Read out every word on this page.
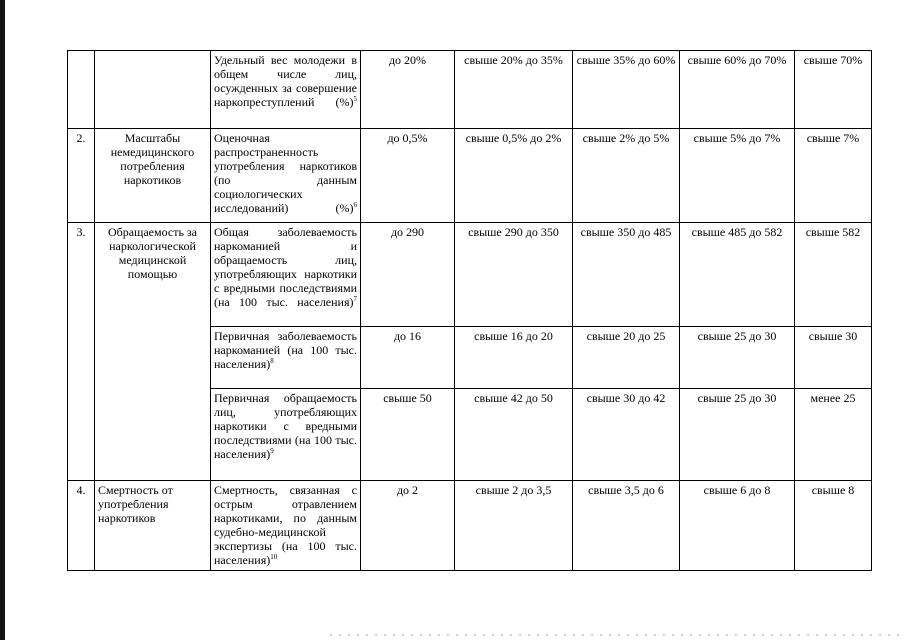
		Удельный вес молодежи в общем числе лиц, осужденных за совершение наркопреступлений (%)$^5$	до 20%	свыше 20% до 35%	свыше 35% до 60%	свыше 60% до 70%	свыше 70%
2.	Масштабы немедицинского потребления наркотиков	Оценочная распространенность употребления наркотиков (по данным социологических исследований) (%)$^6$	до 0,5%	свыше 0,5% до 2%	свыше 2% до 5%	свыше 5% до 7%	свыше 7%
3.	Обращаемость за наркологической медицинской помощью	Общая заболеваемость наркоманией и обращаемость лиц, употребляющих наркотики с вредными последствиями (на 100 тыс. населения)$^7$	до 290	свыше 290 до 350	свыше 350 до 485	свыше 485 до 582	свыше 582
		Первичная заболеваемость наркоманией (на 100 тыс. населения)$^8$	до 16	свыше 16 до 20	свыше 20 до 25	свыше 25 до 30	свыше 30
		Первичная обращаемость лиц, употребляющих наркотики с вредными последствиями (на 100 тыс. населения)$^9$	свыше 50	свыше 42 до 50	свыше 30 до 42	свыше 25 до 30	менее 25
4.	Смертность от употребления наркотиков	Смертность, связанная с острым отравлением наркотиками, по данным судебно-медицинской экспертизы (на 100 тыс. населения)$^{10}$	до 2	свыше 2 до 3,5	свыше 3,5 до 6	свыше 6 до 8	свыше 8
